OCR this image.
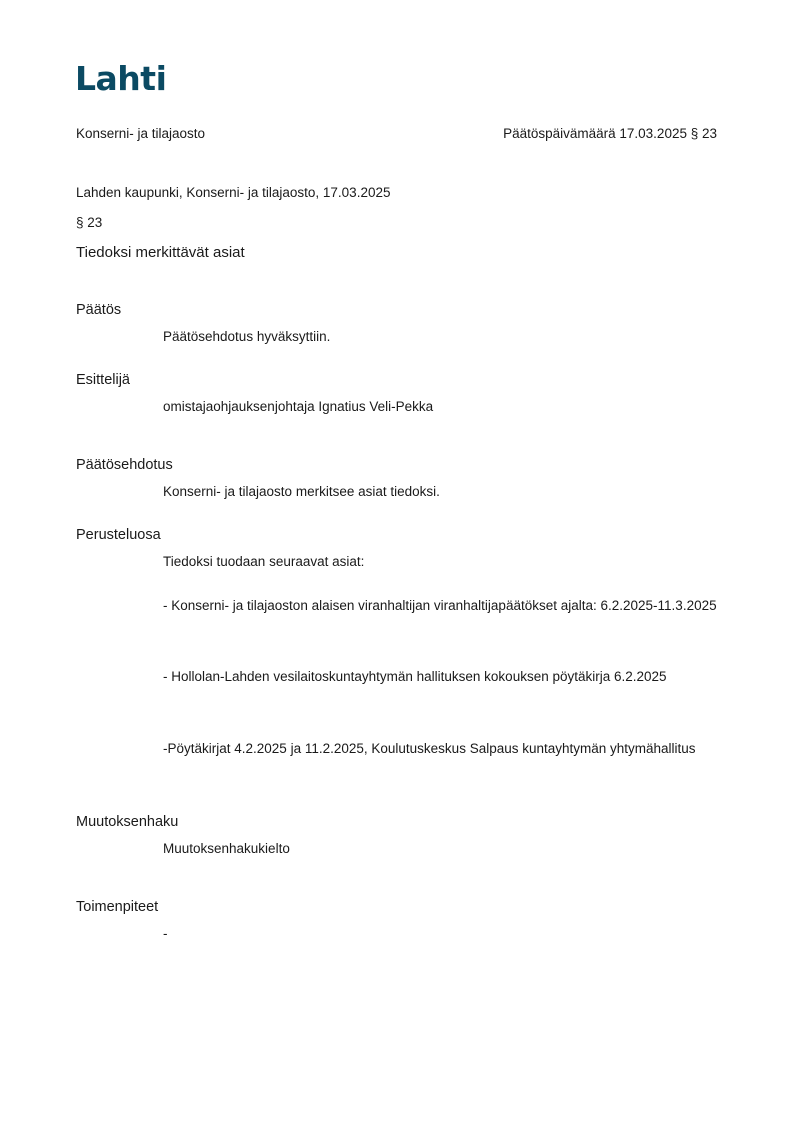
Lahti
Konserni- ja tilajaosto	Päätöspäivämäärä 17.03.2025 § 23
Lahden kaupunki, Konserni- ja tilajaosto, 17.03.2025
§ 23
Tiedoksi merkittävät asiat
Päätös
Päätösehdotus hyväksyttiin.
Esittelijä
omistajaohjauksenjohtaja Ignatius Veli-Pekka
Päätösehdotus
Konserni- ja tilajaosto merkitsee asiat tiedoksi.
Perusteluosa
Tiedoksi tuodaan seuraavat asiat:
- Konserni- ja tilajaoston alaisen viranhaltijan viranhaltijapäätökset ajalta: 6.2.2025-11.3.2025
- Hollolan-Lahden vesilaitoskuntayhtymän hallituksen kokouksen pöytäkirja 6.2.2025
-Pöytäkirjat 4.2.2025 ja 11.2.2025, Koulutuskeskus Salpaus kuntayhtymän yhtymähallitus
Muutoksenhaku
Muutoksenhakukielto
Toimenpiteet
-
